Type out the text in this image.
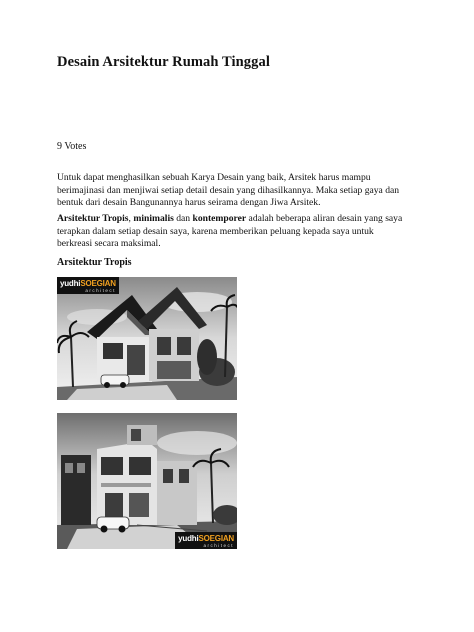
Desain Arsitektur Rumah Tinggal
9 Votes
Untuk dapat menghasilkan sebuah Karya Desain yang baik, Arsitek harus mampu berimajinasi dan menjiwai setiap detail desain yang dihasilkannya. Maka setiap gaya dan bentuk dari desain Bangunannya harus seirama dengan Jiwa Arsitek.
Arsitektur Tropis, minimalis dan kontemporer adalah beberapa aliran desain yang saya terapkan dalam setiap desain saya, karena memberikan peluang kepada saya untuk berkreasi secara maksimal.
Arsitektur Tropis
yudhiSOEGIAN
architect
yudhiSOEGIAN
architect
